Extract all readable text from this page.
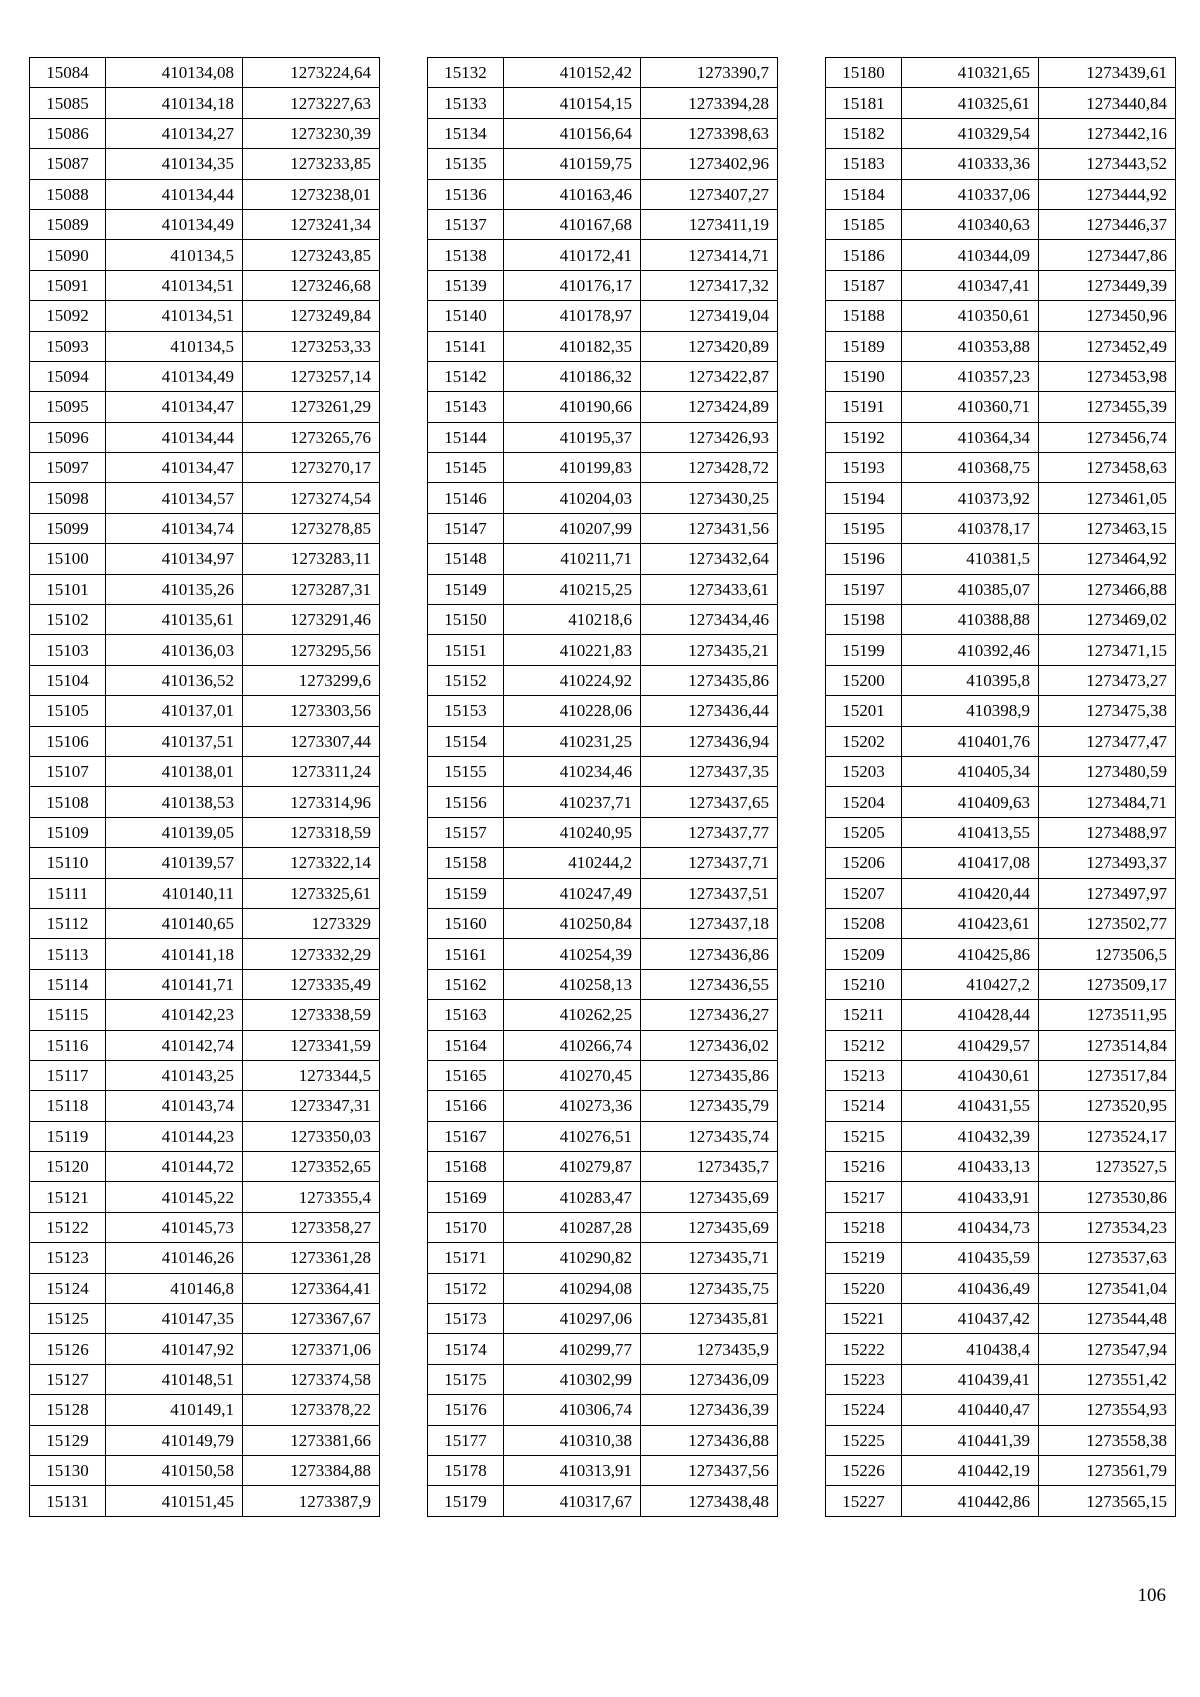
15084	410134,08	1273224,64
15085	410134,18	1273227,63
15086	410134,27	1273230,39
15087	410134,35	1273233,85
15088	410134,44	1273238,01
15089	410134,49	1273241,34
15090	410134,5	1273243,85
15091	410134,51	1273246,68
15092	410134,51	1273249,84
15093	410134,5	1273253,33
15094	410134,49	1273257,14
15095	410134,47	1273261,29
15096	410134,44	1273265,76
15097	410134,47	1273270,17
15098	410134,57	1273274,54
15099	410134,74	1273278,85
15100	410134,97	1273283,11
15101	410135,26	1273287,31
15102	410135,61	1273291,46
15103	410136,03	1273295,56
15104	410136,52	1273299,6
15105	410137,01	1273303,56
15106	410137,51	1273307,44
15107	410138,01	1273311,24
15108	410138,53	1273314,96
15109	410139,05	1273318,59
15110	410139,57	1273322,14
15111	410140,11	1273325,61
15112	410140,65	1273329
15113	410141,18	1273332,29
15114	410141,71	1273335,49
15115	410142,23	1273338,59
15116	410142,74	1273341,59
15117	410143,25	1273344,5
15118	410143,74	1273347,31
15119	410144,23	1273350,03
15120	410144,72	1273352,65
15121	410145,22	1273355,4
15122	410145,73	1273358,27
15123	410146,26	1273361,28
15124	410146,8	1273364,41
15125	410147,35	1273367,67
15126	410147,92	1273371,06
15127	410148,51	1273374,58
15128	410149,1	1273378,22
15129	410149,79	1273381,66
15130	410150,58	1273384,88
15131	410151,45	1273387,9
15132	410152,42	1273390,7
15133	410154,15	1273394,28
15134	410156,64	1273398,63
15135	410159,75	1273402,96
15136	410163,46	1273407,27
15137	410167,68	1273411,19
15138	410172,41	1273414,71
15139	410176,17	1273417,32
15140	410178,97	1273419,04
15141	410182,35	1273420,89
15142	410186,32	1273422,87
15143	410190,66	1273424,89
15144	410195,37	1273426,93
15145	410199,83	1273428,72
15146	410204,03	1273430,25
15147	410207,99	1273431,56
15148	410211,71	1273432,64
15149	410215,25	1273433,61
15150	410218,6	1273434,46
15151	410221,83	1273435,21
15152	410224,92	1273435,86
15153	410228,06	1273436,44
15154	410231,25	1273436,94
15155	410234,46	1273437,35
15156	410237,71	1273437,65
15157	410240,95	1273437,77
15158	410244,2	1273437,71
15159	410247,49	1273437,51
15160	410250,84	1273437,18
15161	410254,39	1273436,86
15162	410258,13	1273436,55
15163	410262,25	1273436,27
15164	410266,74	1273436,02
15165	410270,45	1273435,86
15166	410273,36	1273435,79
15167	410276,51	1273435,74
15168	410279,87	1273435,7
15169	410283,47	1273435,69
15170	410287,28	1273435,69
15171	410290,82	1273435,71
15172	410294,08	1273435,75
15173	410297,06	1273435,81
15174	410299,77	1273435,9
15175	410302,99	1273436,09
15176	410306,74	1273436,39
15177	410310,38	1273436,88
15178	410313,91	1273437,56
15179	410317,67	1273438,48
15180	410321,65	1273439,61
15181	410325,61	1273440,84
15182	410329,54	1273442,16
15183	410333,36	1273443,52
15184	410337,06	1273444,92
15185	410340,63	1273446,37
15186	410344,09	1273447,86
15187	410347,41	1273449,39
15188	410350,61	1273450,96
15189	410353,88	1273452,49
15190	410357,23	1273453,98
15191	410360,71	1273455,39
15192	410364,34	1273456,74
15193	410368,75	1273458,63
15194	410373,92	1273461,05
15195	410378,17	1273463,15
15196	410381,5	1273464,92
15197	410385,07	1273466,88
15198	410388,88	1273469,02
15199	410392,46	1273471,15
15200	410395,8	1273473,27
15201	410398,9	1273475,38
15202	410401,76	1273477,47
15203	410405,34	1273480,59
15204	410409,63	1273484,71
15205	410413,55	1273488,97
15206	410417,08	1273493,37
15207	410420,44	1273497,97
15208	410423,61	1273502,77
15209	410425,86	1273506,5
15210	410427,2	1273509,17
15211	410428,44	1273511,95
15212	410429,57	1273514,84
15213	410430,61	1273517,84
15214	410431,55	1273520,95
15215	410432,39	1273524,17
15216	410433,13	1273527,5
15217	410433,91	1273530,86
15218	410434,73	1273534,23
15219	410435,59	1273537,63
15220	410436,49	1273541,04
15221	410437,42	1273544,48
15222	410438,4	1273547,94
15223	410439,41	1273551,42
15224	410440,47	1273554,93
15225	410441,39	1273558,38
15226	410442,19	1273561,79
15227	410442,86	1273565,15
106
